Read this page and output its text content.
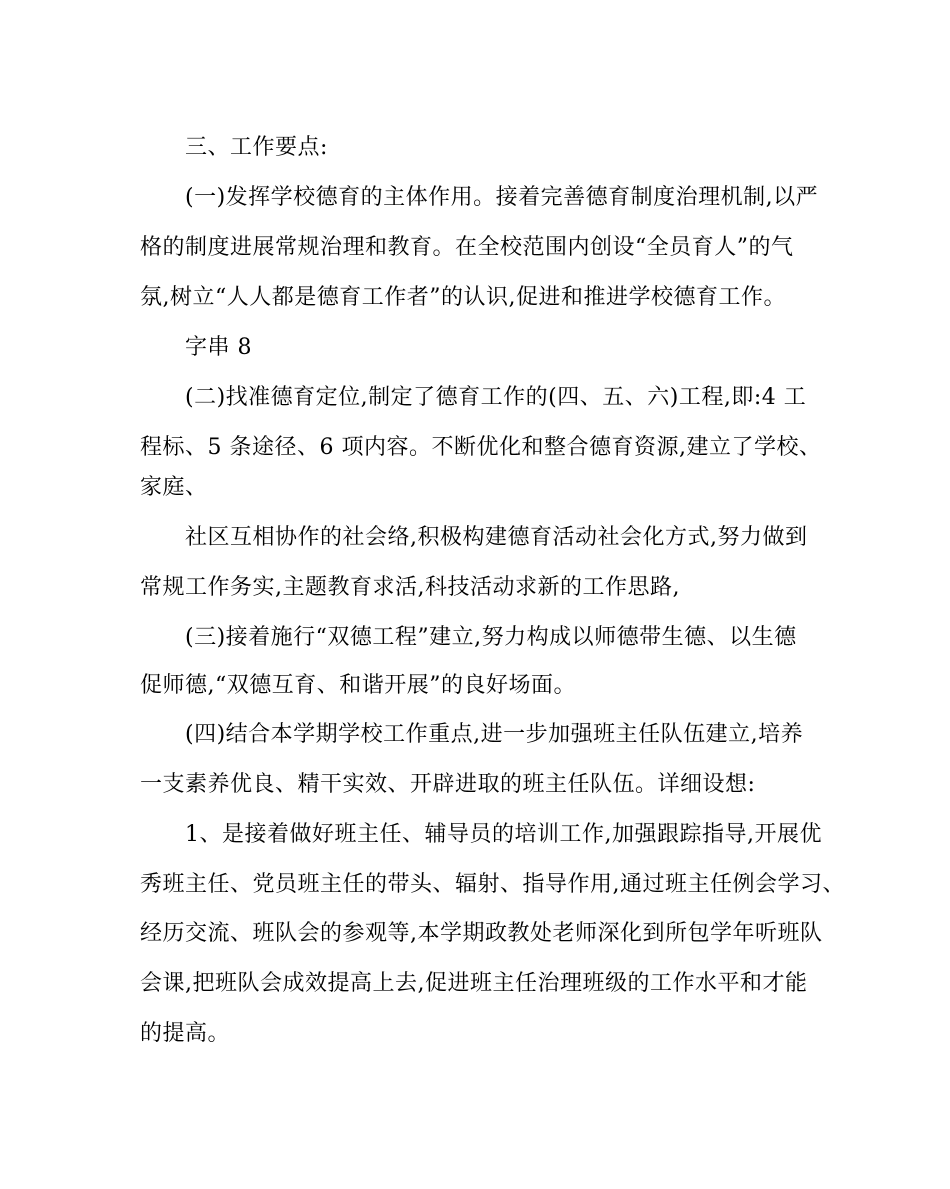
三、工作要点:
(一)发挥学校德育的主体作用。接着完善德育制度治理机制,以严
格的制度进展常规治理和教育。在全校范围内创设“全员育人”的气
氛,树立“人人都是德育工作者”的认识,促进和推进学校德育工作。
字串 8
(二)找准德育定位,制定了德育工作的(四、五、六)工程,即:4 工
程标、5 条途径、6 项内容。不断优化和整合德育资源,建立了学校、
家庭、
社区互相协作的社会络,积极构建德育活动社会化方式,努力做到
常规工作务实,主题教育求活,科技活动求新的工作思路,
(三)接着施行“双德工程”建立,努力构成以师德带生德、以生德
促师德,“双德互育、和谐开展”的良好场面。
(四)结合本学期学校工作重点,进一步加强班主任队伍建立,培养
一支素养优良、精干实效、开辟进取的班主任队伍。详细设想:
1、是接着做好班主任、辅导员的培训工作,加强跟踪指导,开展优
秀班主任、党员班主任的带头、辐射、指导作用,通过班主任例会学习、
经历交流、班队会的参观等,本学期政教处老师深化到所包学年听班队
会课,把班队会成效提高上去,促进班主任治理班级的工作水平和才能
的提高。
